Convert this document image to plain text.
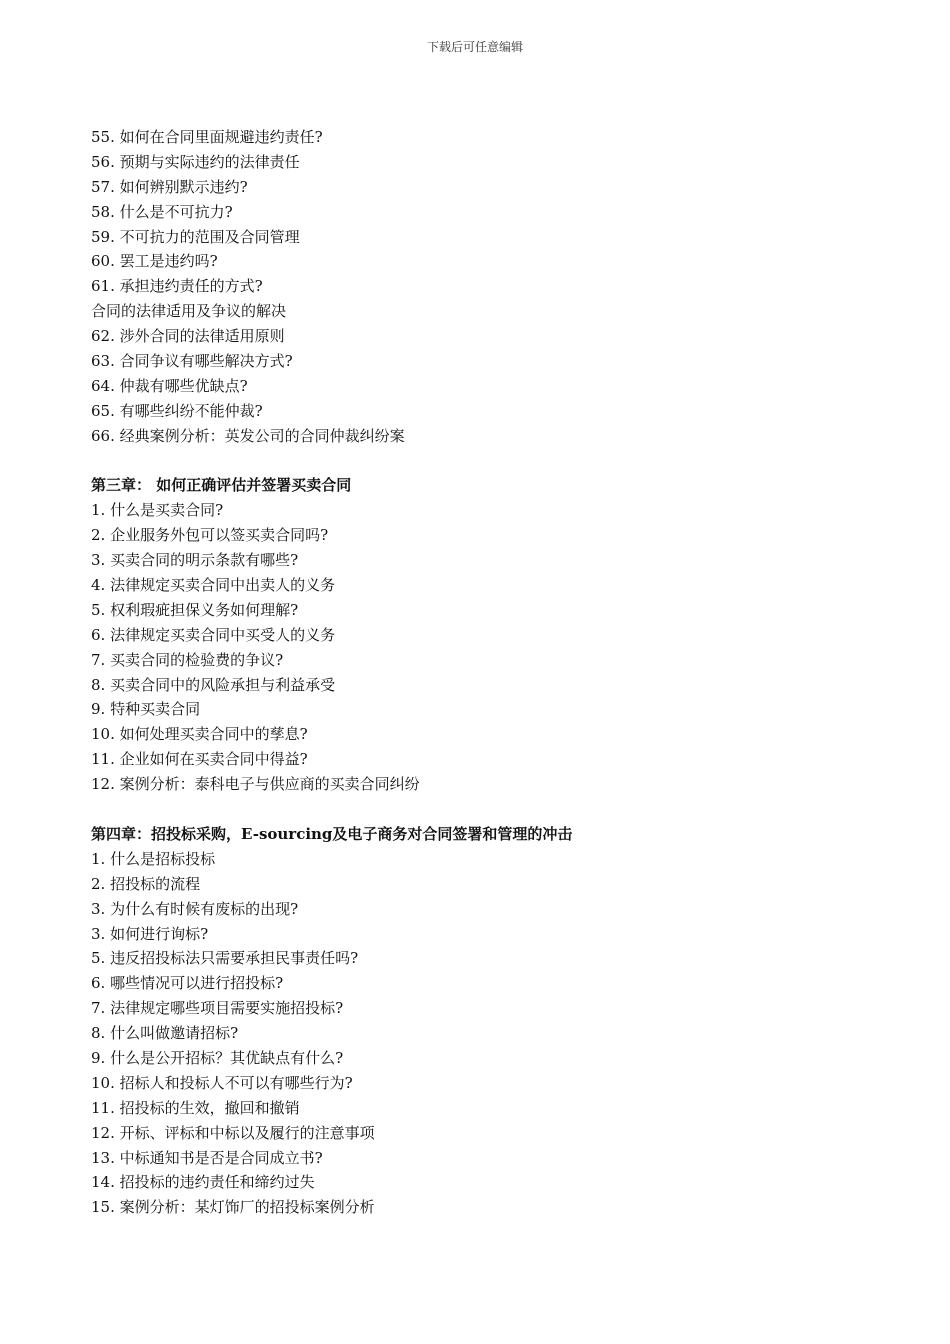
下载后可任意编辑
55. 如何在合同里面规避违约责任?
56. 预期与实际违约的法律责任
57. 如何辨别默示违约?
58. 什么是不可抗力?
59. 不可抗力的范围及合同管理
60. 罢工是违约吗?
61. 承担违约责任的方式?
合同的法律适用及争议的解决
62. 涉外合同的法律适用原则
63. 合同争议有哪些解决方式?
64. 仲裁有哪些优缺点?
65. 有哪些纠纷不能仲裁?
66. 经典案例分析：英发公司的合同仲裁纠纷案
第三章： 如何正确评估并签署买卖合同
1. 什么是买卖合同?
2. 企业服务外包可以签买卖合同吗?
3. 买卖合同的明示条款有哪些?
4. 法律规定买卖合同中出卖人的义务
5. 权利瑕疵担保义务如何理解?
6. 法律规定买卖合同中买受人的义务
7. 买卖合同的检验费的争议?
8. 买卖合同中的风险承担与利益承受
9. 特种买卖合同
10. 如何处理买卖合同中的孳息?
11. 企业如何在买卖合同中得益?
12. 案例分析：泰科电子与供应商的买卖合同纠纷
第四章：招投标采购，E-sourcing及电子商务对合同签署和管理的冲击
1. 什么是招标投标
2. 招投标的流程
3. 为什么有时候有废标的出现?
3. 如何进行询标?
5. 违反招投标法只需要承担民事责任吗?
6. 哪些情况可以进行招投标?
7. 法律规定哪些项目需要实施招投标?
8. 什么叫做邀请招标?
9. 什么是公开招标？其优缺点有什么?
10. 招标人和投标人不可以有哪些行为?
11. 招投标的生效，撤回和撤销
12. 开标、评标和中标以及履行的注意事项
13. 中标通知书是否是合同成立书?
14. 招投标的违约责任和缔约过失
15. 案例分析：某灯饰厂的招投标案例分析
